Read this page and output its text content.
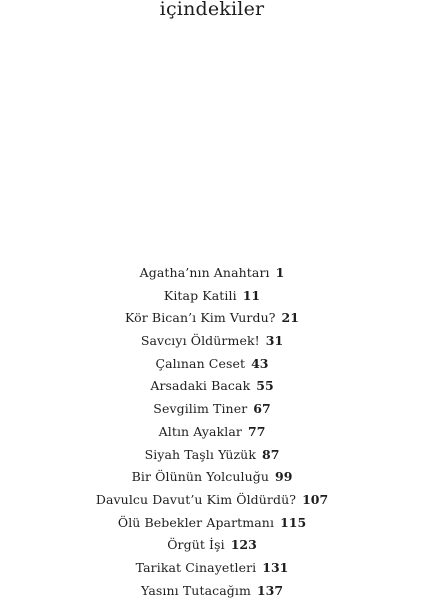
içindekiler
Agatha’nın Anahtarı 1
Kitap Katili 11
Kör Bican’ı Kim Vurdu? 21
Savcıyı Öldürmek! 31
Çalınan Ceset 43
Arsadaki Bacak 55
Sevgilim Tiner 67
Altın Ayaklar 77
Siyah Taşlı Yüzük 87
Bir Ölünün Yolculuğu 99
Davulcu Davut’u Kim Öldürdü? 107
Ölü Bebekler Apartmanı 115
Örgüt İşi 123
Tarikat Cinayetleri 131
Yasını Tutacağım 137
